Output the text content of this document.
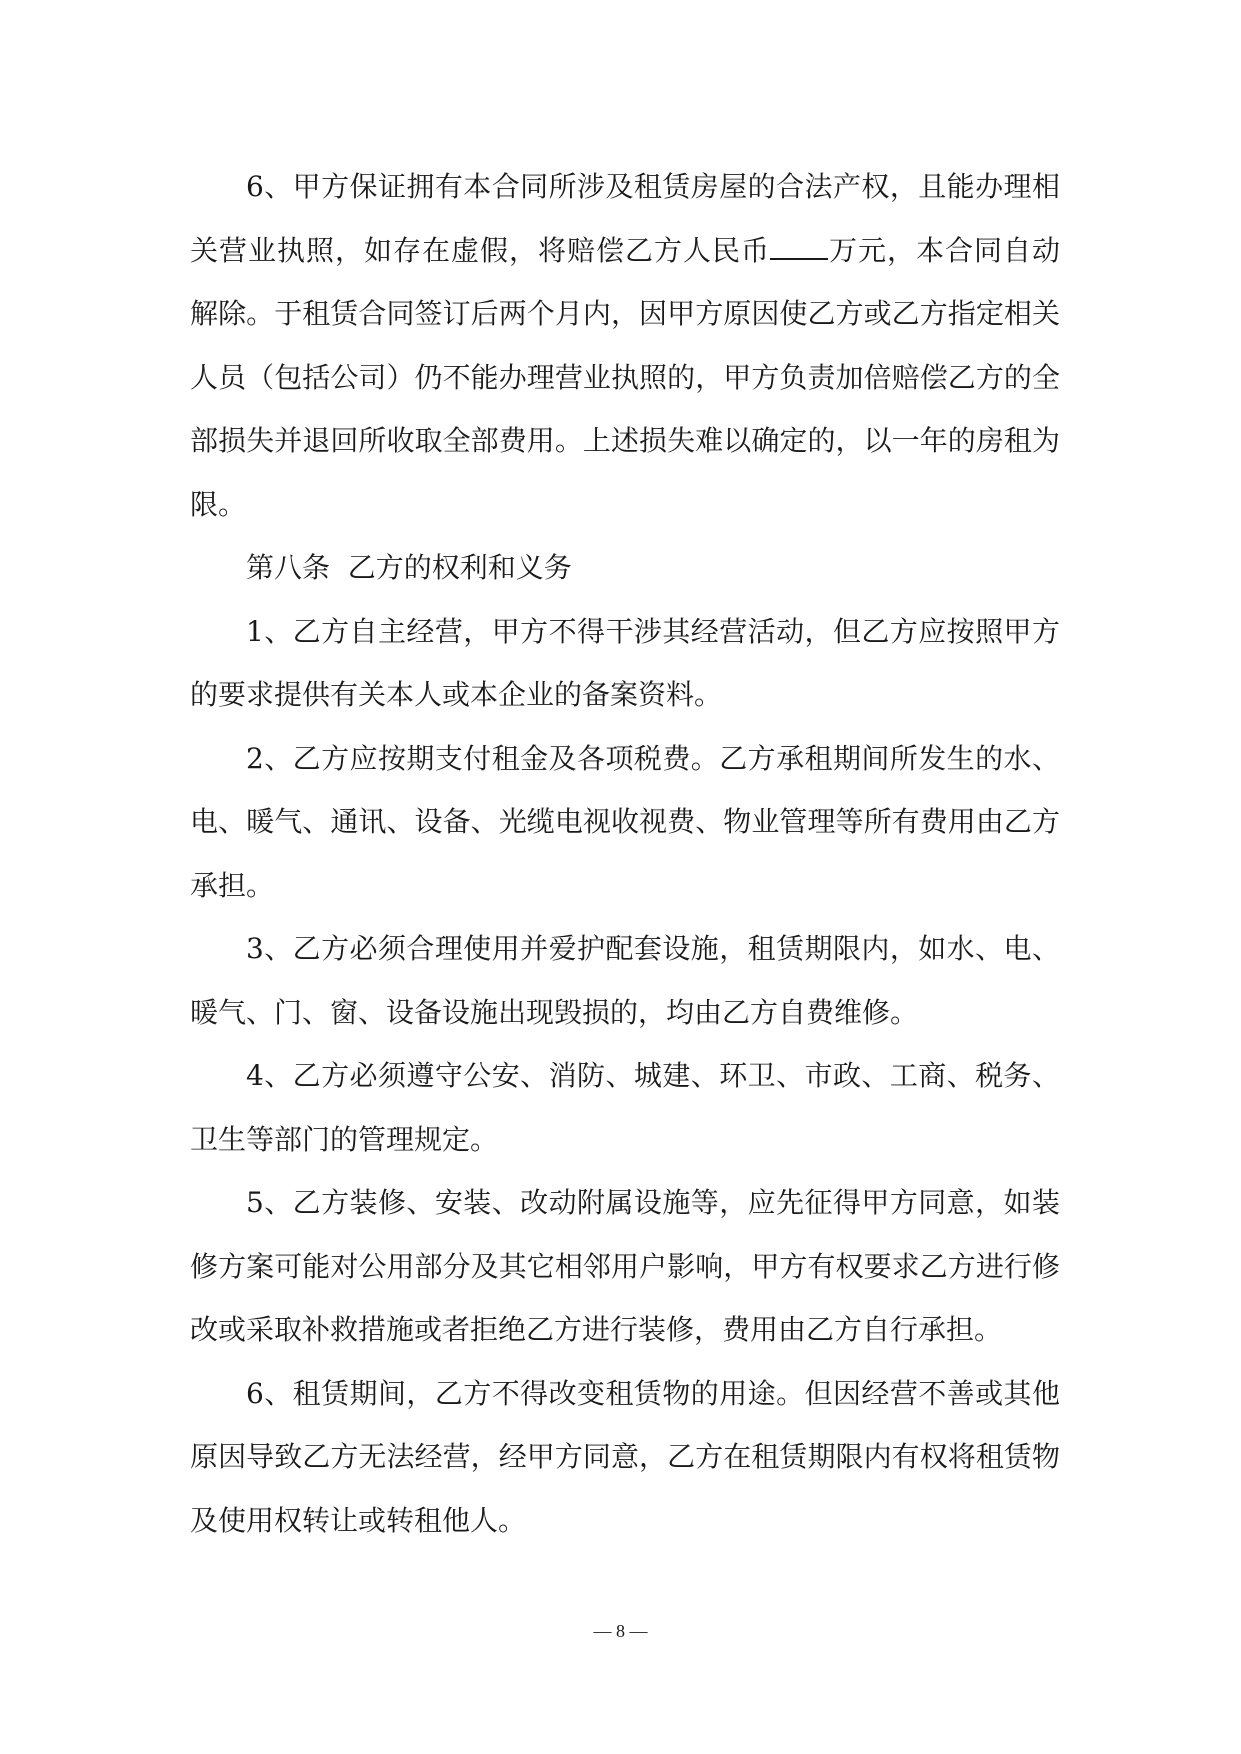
6、甲方保证拥有本合同所涉及租赁房屋的合法产权，且能办理相关营业执照，如存在虚假，将赔偿乙方人民币 万元，本合同自动解除。于租赁合同签订后两个月内，因甲方原因使乙方或乙方指定相关人员（包括公司）仍不能办理营业执照的，甲方负责加倍赔偿乙方的全部损失并退回所收取全部费用。上述损失难以确定的，以一年的房租为限。

第八条  乙方的权利和义务

1、乙方自主经营，甲方不得干涉其经营活动，但乙方应按照甲方的要求提供有关本人或本企业的备案资料。

2、乙方应按期支付租金及各项税费。乙方承租期间所发生的水、电、暖气、通讯、设备、光缆电视收视费、物业管理等所有费用由乙方承担。

3、乙方必须合理使用并爱护配套设施，租赁期限内，如水、电、暖气、门、窗、设备设施出现毁损的，均由乙方自费维修。

4、乙方必须遵守公安、消防、城建、环卫、市政、工商、税务、卫生等部门的管理规定。

5、乙方装修、安装、改动附属设施等，应先征得甲方同意，如装修方案可能对公用部分及其它相邻用户影响，甲方有权要求乙方进行修改或采取补救措施或者拒绝乙方进行装修，费用由乙方自行承担。

6、租赁期间，乙方不得改变租赁物的用途。但因经营不善或其他原因导致乙方无法经营，经甲方同意，乙方在租赁期限内有权将租赁物及使用权转让或转租他人。

— 8 —
